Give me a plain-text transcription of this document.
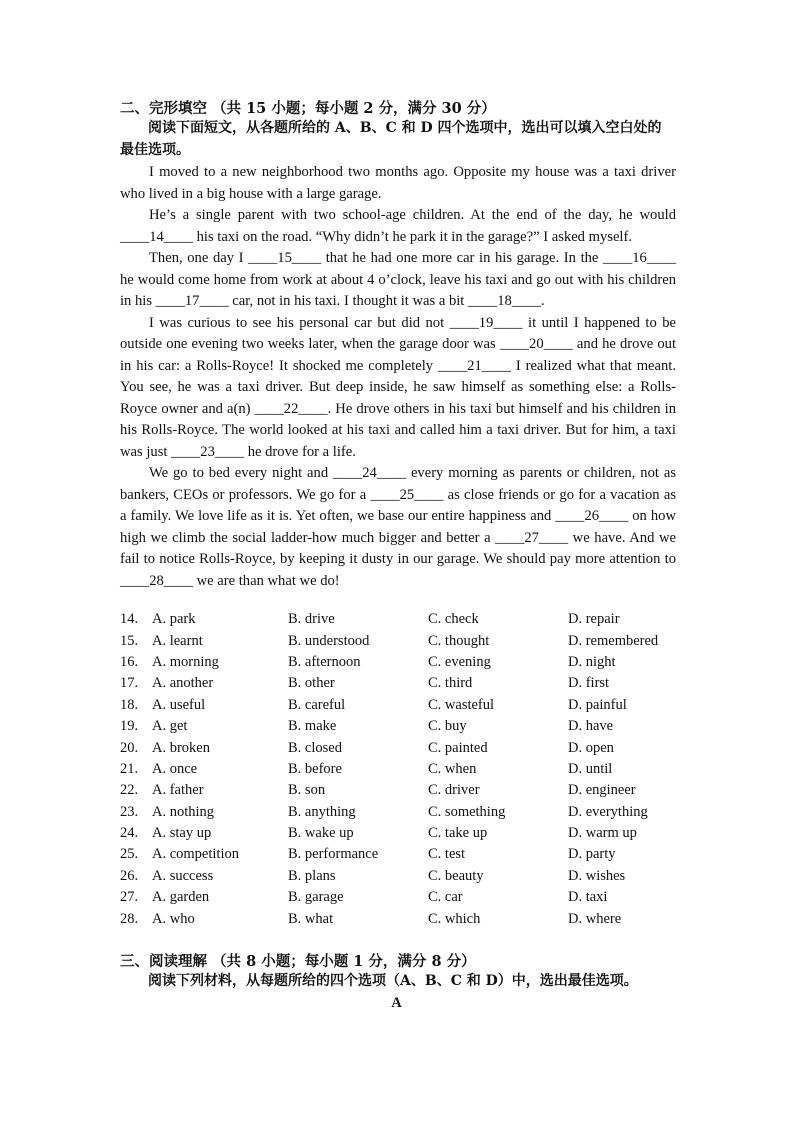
二、完形填空 （共 15 小题；每小题 2 分，满分 30 分）
阅读下面短文，从各题所给的 A、B、C 和 D 四个选项中，选出可以填入空白处的
最佳选项。

I moved to a new neighborhood two months ago. Opposite my house was a taxi driver who lived in a big house with a large garage.

He’s a single parent with two school-age children. At the end of the day, he would ____14____ his taxi on the road. “Why didn’t he park it in the garage?” I asked myself.

Then, one day I ____15____ that he had one more car in his garage. In the ____16____ he would come home from work at about 4 o’clock, leave his taxi and go out with his children in his ____17____ car, not in his taxi. I thought it was a bit ____18____.

I was curious to see his personal car but did not ____19____ it until I happened to be outside one evening two weeks later, when the garage door was ____20____ and he drove out in his car: a Rolls-Royce! It shocked me completely ____21____ I realized what that meant. You see, he was a taxi driver. But deep inside, he saw himself as something else: a Rolls-Royce owner and a(n) ____22____. He drove others in his taxi but himself and his children in his Rolls-Royce. The world looked at his taxi and called him a taxi driver. But for him, a taxi was just ____23____ he drove for a life.

We go to bed every night and ____24____ every morning as parents or children, not as bankers, CEOs or professors. We go for a ____25____ as close friends or go for a vacation as a family. We love life as it is. Yet often, we base our entire happiness and ____26____ on how high we climb the social ladder-how much bigger and better a ____27____ we have. And we fail to notice Rolls-Royce, by keeping it dusty in our garage. We should pay more attention to ____28____ we are than what we do!

14. A. park	B. drive	C. check	D. repair
15. A. learnt	B. understood	C. thought	D. remembered
16. A. morning	B. afternoon	C. evening	D. night
17. A. another	B. other	C. third	D. first
18. A. useful	B. careful	C. wasteful	D. painful
19. A. get	B. make	C. buy	D. have
20. A. broken	B. closed	C. painted	D. open
21. A. once	B. before	C. when	D. until
22. A. father	B. son	C. driver	D. engineer
23. A. nothing	B. anything	C. something	D. everything
24. A. stay up	B. wake up	C. take up	D. warm up
25. A. competition	B. performance	C. test	D. party
26. A. success	B. plans	C. beauty	D. wishes
27. A. garden	B. garage	C. car	D. taxi
28. A. who	B. what	C. which	D. where
三、阅读理解 （共 8 小题；每小题 1 分，满分 8 分）
阅读下列材料，从每题所给的四个选项（A、B、C 和 D）中，选出最佳选项。
A
